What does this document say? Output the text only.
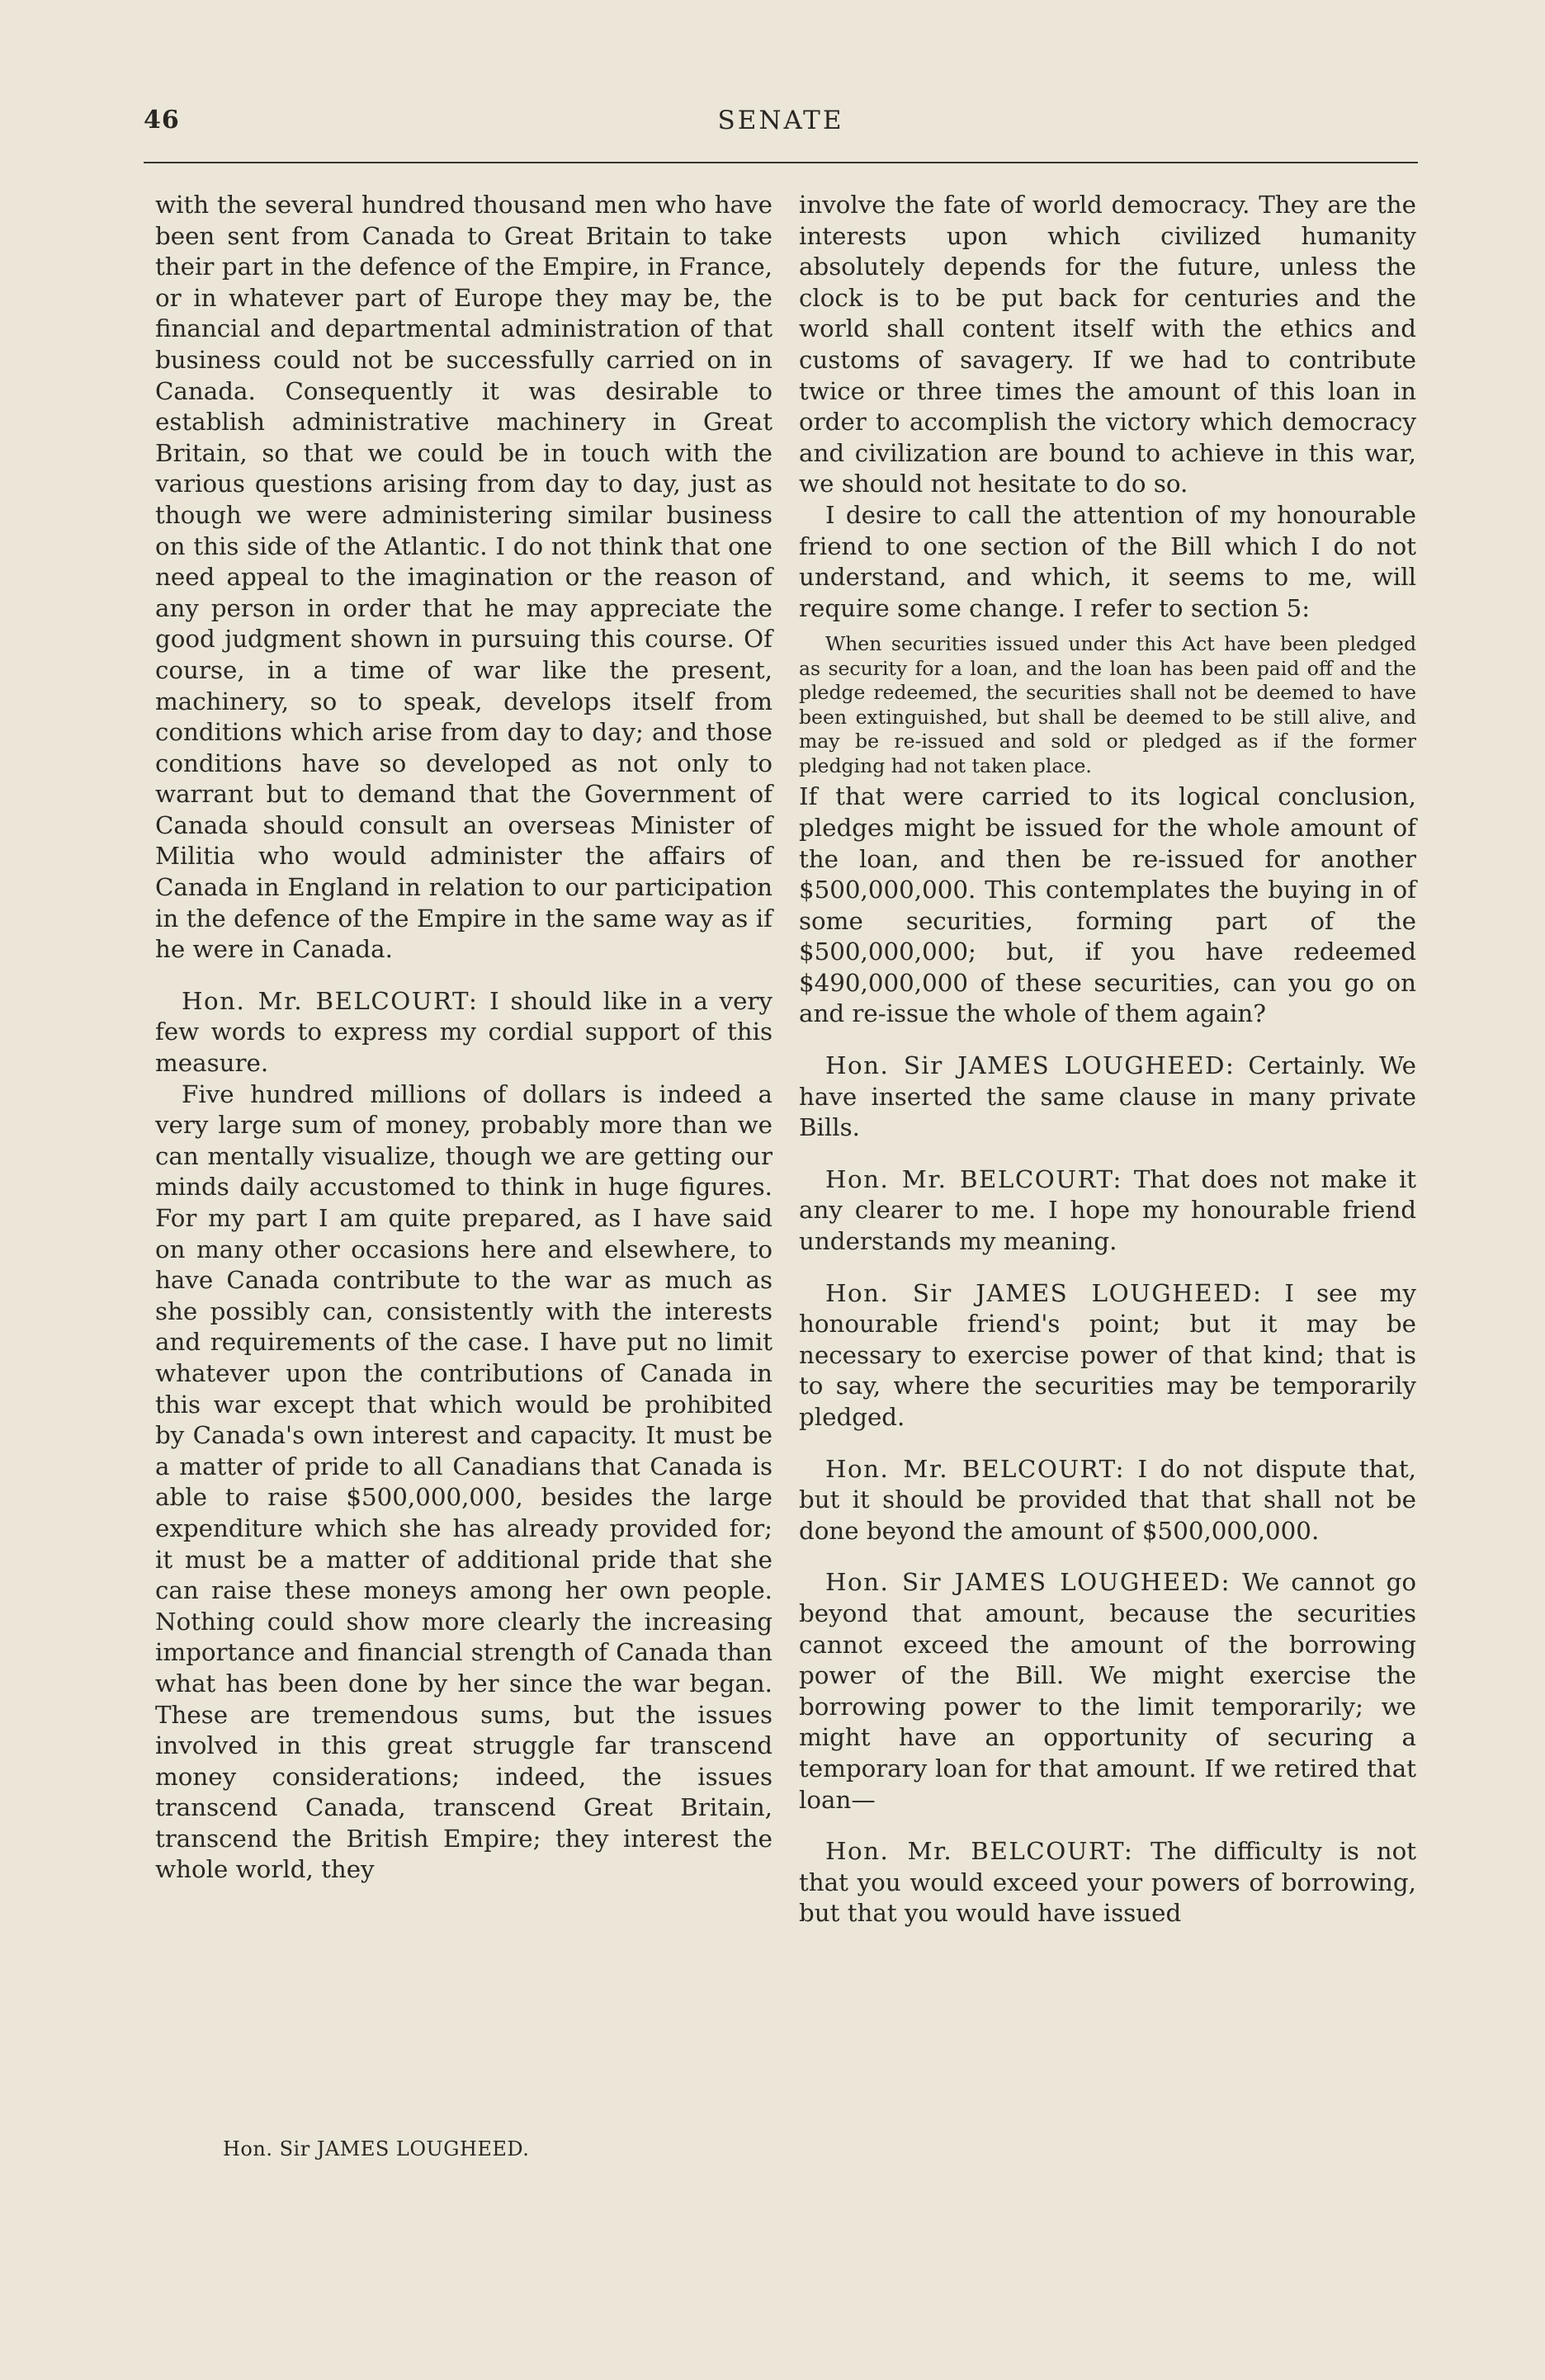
46	SENATE

with the several hundred thousand men who have been sent from Canada to Great Britain to take their part in the defence of the Empire, in France, or in whatever part of Europe they may be, the financial and departmental administration of that business could not be successfully carried on in Canada. Consequently it was desirable to establish administrative machinery in Great Britain, so that we could be in touch with the various questions arising from day to day, just as though we were administering similar business on this side of the Atlantic. I do not think that one need appeal to the imagination or the reason of any person in order that he may appreciate the good judgment shown in pursuing this course. Of course, in a time of war like the present, machinery, so to speak, develops itself from conditions which arise from day to day; and those conditions have so developed as not only to warrant but to demand that the Government of Canada should consult an overseas Minister of Militia who would administer the affairs of Canada in England in relation to our participation in the defence of the Empire in the same way as if he were in Canada.

Hon. Mr. BELCOURT: I should like in a very few words to express my cordial support of this measure.

Five hundred millions of dollars is indeed a very large sum of money, probably more than we can mentally visualize, though we are getting our minds daily accustomed to think in huge figures. For my part I am quite prepared, as I have said on many other occasions here and elsewhere, to have Canada contribute to the war as much as she possibly can, consistently with the interests and requirements of the case. I have put no limit whatever upon the contributions of Canada in this war except that which would be prohibited by Canada's own interest and capacity. It must be a matter of pride to all Canadians that Canada is able to raise $500,000,000, besides the large expenditure which she has already provided for; it must be a matter of additional pride that she can raise these moneys among her own people. Nothing could show more clearly the increasing importance and financial strength of Canada than what has been done by her since the war began. These are tremendous sums, but the issues involved in this great struggle far transcend money considerations; indeed, the issues transcend Canada, transcend Great Britain, transcend the British Empire; they interest the whole world, they

involve the fate of world democracy. They are the interests upon which civilized humanity absolutely depends for the future, unless the clock is to be put back for centuries and the world shall content itself with the ethics and customs of savagery. If we had to contribute twice or three times the amount of this loan in order to accomplish the victory which democracy and civilization are bound to achieve in this war, we should not hesitate to do so.

I desire to call the attention of my honourable friend to one section of the Bill which I do not understand, and which, it seems to me, will require some change. I refer to section 5:

When securities issued under this Act have been pledged as security for a loan, and the loan has been paid off and the pledge redeemed, the securities shall not be deemed to have been extinguished, but shall be deemed to be still alive, and may be re-issued and sold or pledged as if the former pledging had not taken place.

If that were carried to its logical conclusion, pledges might be issued for the whole amount of the loan, and then be re-issued for another $500,000,000. This contemplates the buying in of some securities, forming part of the $500,000,000; but, if you have redeemed $490,000,000 of these securities, can you go on and re-issue the whole of them again?

Hon. Sir JAMES LOUGHEED: Certainly. We have inserted the same clause in many private Bills.

Hon. Mr. BELCOURT: That does not make it any clearer to me. I hope my honourable friend understands my meaning.

Hon. Sir JAMES LOUGHEED: I see my honourable friend's point; but it may be necessary to exercise power of that kind; that is to say, where the securities may be temporarily pledged.

Hon. Mr. BELCOURT: I do not dispute that, but it should be provided that that shall not be done beyond the amount of $500,000,000.

Hon. Sir JAMES LOUGHEED: We cannot go beyond that amount, because the securities cannot exceed the amount of the borrowing power of the Bill. We might exercise the borrowing power to the limit temporarily; we might have an opportunity of securing a temporary loan for that amount. If we retired that loan—

Hon. Mr. BELCOURT: The difficulty is not that you would exceed your powers of borrowing, but that you would have issued

Hon. Sir JAMES LOUGHEED.
